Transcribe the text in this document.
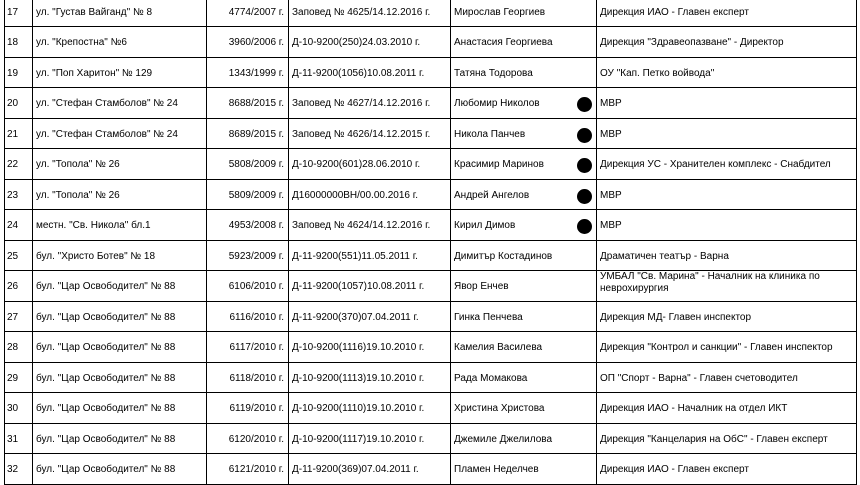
17	ул. "Густав Вайганд" № 8	4774/2007 г.	Заповед № 4625/14.12.2016 г.	Мирослав Георгиев	Дирекция ИАО - Главен експерт
18	ул. "Крепостна" №6	3960/2006 г.	Д-10-9200(250)24.03.2010 г.	Анастасия Георгиева	Дирекция "Здравеопазване" - Директор
19	ул. "Поп Харитон" № 129	1343/1999 г.	Д-11-9200(1056)10.08.2011 г.	Татяна Тодорова	ОУ "Кап. Петко войвода"
20	ул. "Стефан Стамболов" № 24	8688/2015 г.	Заповед № 4627/14.12.2016 г.	Любомир Николов	МВР
21	ул. "Стефан Стамболов" № 24	8689/2015 г.	Заповед № 4626/14.12.2015 г.	Никола Панчев	МВР
22	ул. "Топола" № 26	5808/2009 г.	Д-10-9200(601)28.06.2010 г.	Красимир Маринов	Дирекция УС - Хранителен комплекс - Снабдител
23	ул. "Топола" № 26	5809/2009 г.	Д16000000ВН/00.00.2016 г.	Андрей Ангелов	МВР
24	местн. "Св. Никола" бл.1	4953/2008 г.	Заповед № 4624/14.12.2016 г.	Кирил Димов	МВР
25	бул. "Христо Ботев" № 18	5923/2009 г.	Д-11-9200(551)11.05.2011 г.	Димитър Костадинов	Драматичен театър - Варна
26	бул. "Цар Освободител" № 88	6106/2010 г.	Д-11-9200(1057)10.08.2011 г.	Явор Енчев	УМБАЛ "Св. Марина" - Началник на клиника по неврохирургия
27	бул. "Цар Освободител" № 88	6116/2010 г.	Д-11-9200(370)07.04.2011 г.	Гинка Пенчева	Дирекция МД- Главен инспектор
28	бул. "Цар Освободител" № 88	6117/2010 г.	Д-10-9200(1116)19.10.2010 г.	Камелия Василева	Дирекция "Контрол и санкции" - Главен инспектор
29	бул. "Цар Освободител" № 88	6118/2010 г.	Д-10-9200(1113)19.10.2010 г.	Рада Момакова	ОП "Спорт - Варна" - Главен счетоводител
30	бул. "Цар Освободител" № 88	6119/2010 г.	Д-10-9200(1110)19.10.2010 г.	Христина Христова	Дирекция ИАО - Началник на отдел ИКТ
31	бул. "Цар Освободител" № 88	6120/2010 г.	Д-10-9200(1117)19.10.2010 г.	Джемиле Джелилова	Дирекция "Канцелария на ОбС" - Главен експерт
32	бул. "Цар Освободител" № 88	6121/2010 г.	Д-11-9200(369)07.04.2011 г.	Пламен Неделчев	Дирекция ИАО - Главен експерт
